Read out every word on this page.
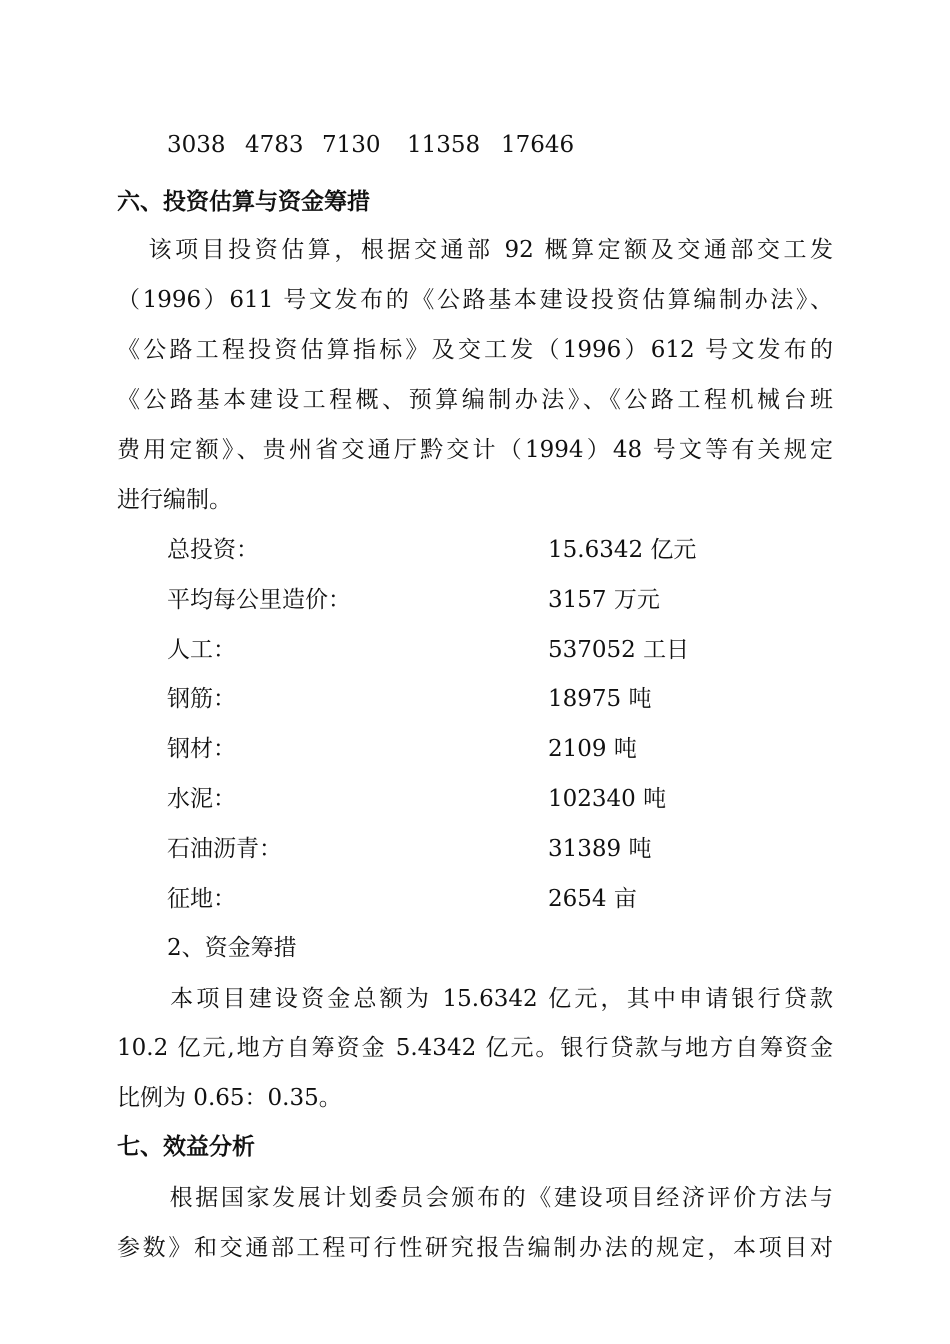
3038 4783 7130 11358 17646
六、投资估算与资金筹措
该项目投资估算，根据交通部 92 概算定额及交通部交工发
（1996）611 号文发布的《公路基本建设投资估算编制办法》、
《公路工程投资估算指标》及交工发（1996）612 号文发布的
《公路基本建设工程概、预算编制办法》、《公路工程机械台班
费用定额》、贵州省交通厅黔交计（1994）48 号文等有关规定
进行编制。
总投资：	15.6342 亿元
平均每公里造价：	3157 万元
人工：	537052 工日
钢筋：	18975 吨
钢材：	2109 吨
水泥：	102340 吨
石油沥青：	31389 吨
征地：	2654 亩
2、资金筹措
本项目建设资金总额为 15.6342 亿元，其中申请银行贷款
10.2 亿元,地方自筹资金 5.4342 亿元。银行贷款与地方自筹资金
比例为 0.65：0.35。
七、效益分析
根据国家发展计划委员会颁布的《建设项目经济评价方法与
参数》和交通部工程可行性研究报告编制办法的规定，本项目对
